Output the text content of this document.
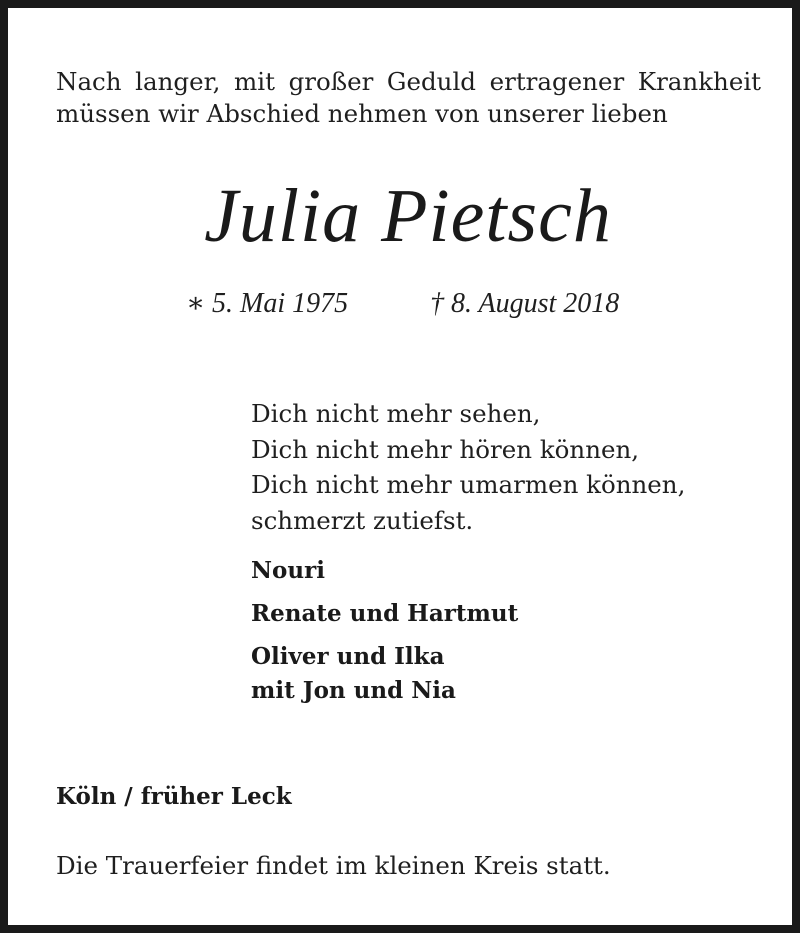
Nach langer, mit großer Geduld ertragener Krankheit
müssen wir Abschied nehmen von unserer lieben
Julia Pietsch
∗ 5. Mai 1975	† 8. August 2018
Dich nicht mehr sehen,
Dich nicht mehr hören können,
Dich nicht mehr umarmen können,
schmerzt zutiefst.
Nouri
Renate und Hartmut
Oliver und Ilka
mit Jon und Nia
Köln / früher Leck
Die Trauerfeier findet im kleinen Kreis statt.
